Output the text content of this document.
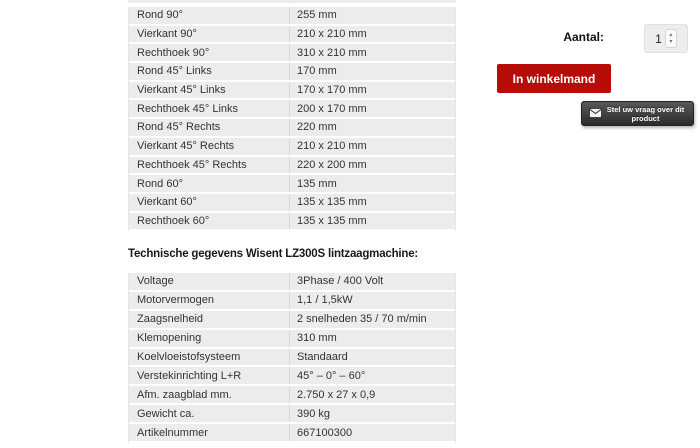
Rond 90°	255 mm
Vierkant 90°	210 x 210 mm
Rechthoek 90°	310 x 210 mm
Rond 45° Links	170 mm
Vierkant 45° Links	170 x 170 mm
Rechthoek 45° Links	200 x 170 mm
Rond 45° Rechts	220 mm
Vierkant 45° Rechts	210 x 210 mm
Rechthoek 45° Rechts	220 x 200 mm
Rond 60°	135 mm
Vierkant 60°	135 x 135 mm
Rechthoek 60°	135 x 135 mm
Technische gegevens Wisent LZ300S lintzaagmachine:
Voltage	3Phase / 400 Volt
Motorvermogen	1,1 / 1,5kW
Zaagsnelheid	2 snelheden 35 / 70 m/min
Klemopening	310 mm
Koelvloeistofsysteem	Standaard
Verstekinrichting L+R	45° – 0° – 60°
Afm. zaagblad mm.	2.750 x 27 x 0,9
Gewicht ca.	390 kg
Artikelnummer	667100300
Aantal:	1 ▴
▾
In winkelmand
Stel uw vraag over dit
product
